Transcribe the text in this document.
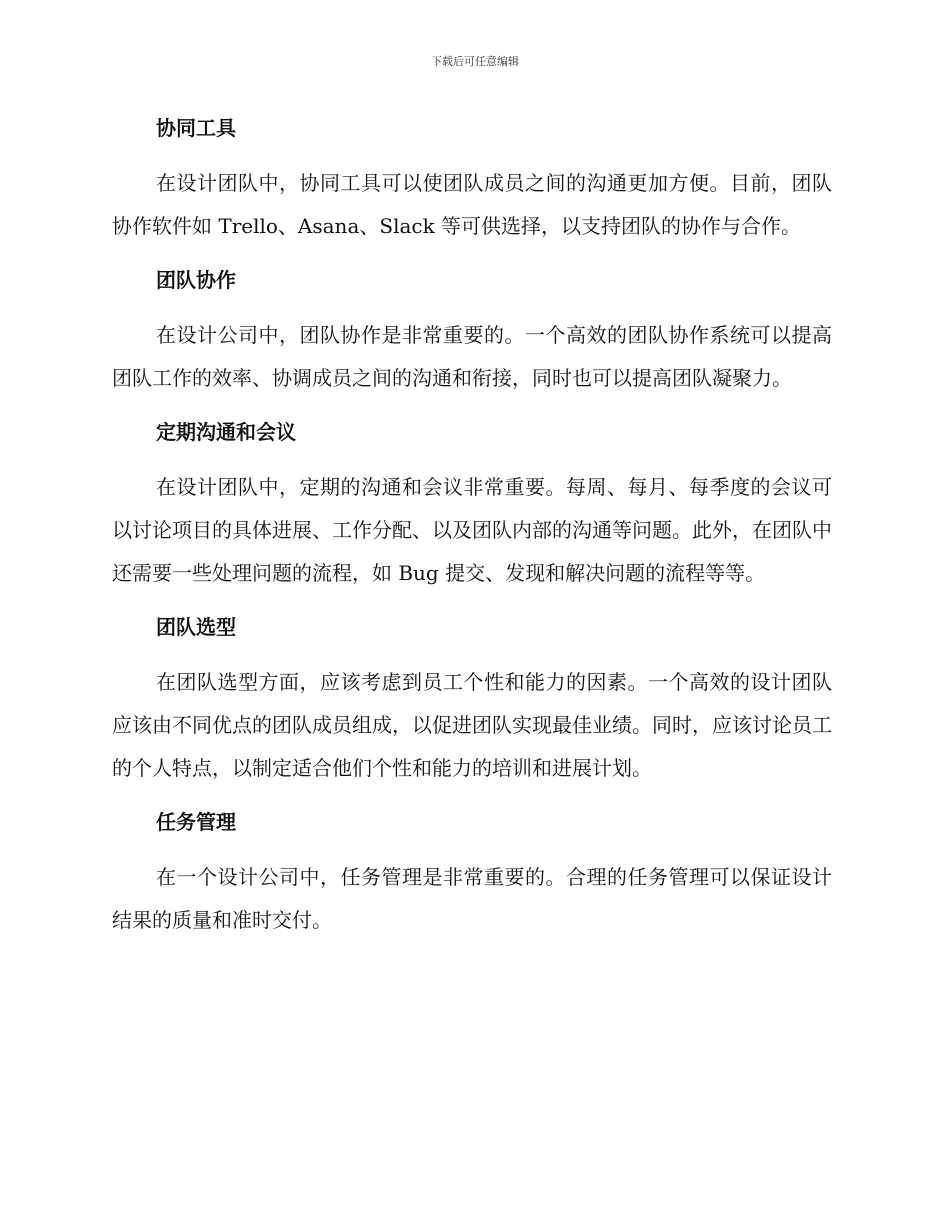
下载后可任意编辑
协同工具

在设计团队中，协同工具可以使团队成员之间的沟通更加方便。目前，团队协作软件如 Trello、Asana、Slack 等可供选择，以支持团队的协作与合作。

团队协作

在设计公司中，团队协作是非常重要的。一个高效的团队协作系统可以提高团队工作的效率、协调成员之间的沟通和衔接，同时也可以提高团队凝聚力。

定期沟通和会议

在设计团队中，定期的沟通和会议非常重要。每周、每月、每季度的会议可以讨论项目的具体进展、工作分配、以及团队内部的沟通等问题。此外，在团队中还需要一些处理问题的流程，如 Bug 提交、发现和解决问题的流程等等。

团队选型

在团队选型方面，应该考虑到员工个性和能力的因素。一个高效的设计团队应该由不同优点的团队成员组成，以促进团队实现最佳业绩。同时，应该讨论员工的个人特点，以制定适合他们个性和能力的培训和进展计划。

任务管理

在一个设计公司中，任务管理是非常重要的。合理的任务管理可以保证设计结果的质量和准时交付。
